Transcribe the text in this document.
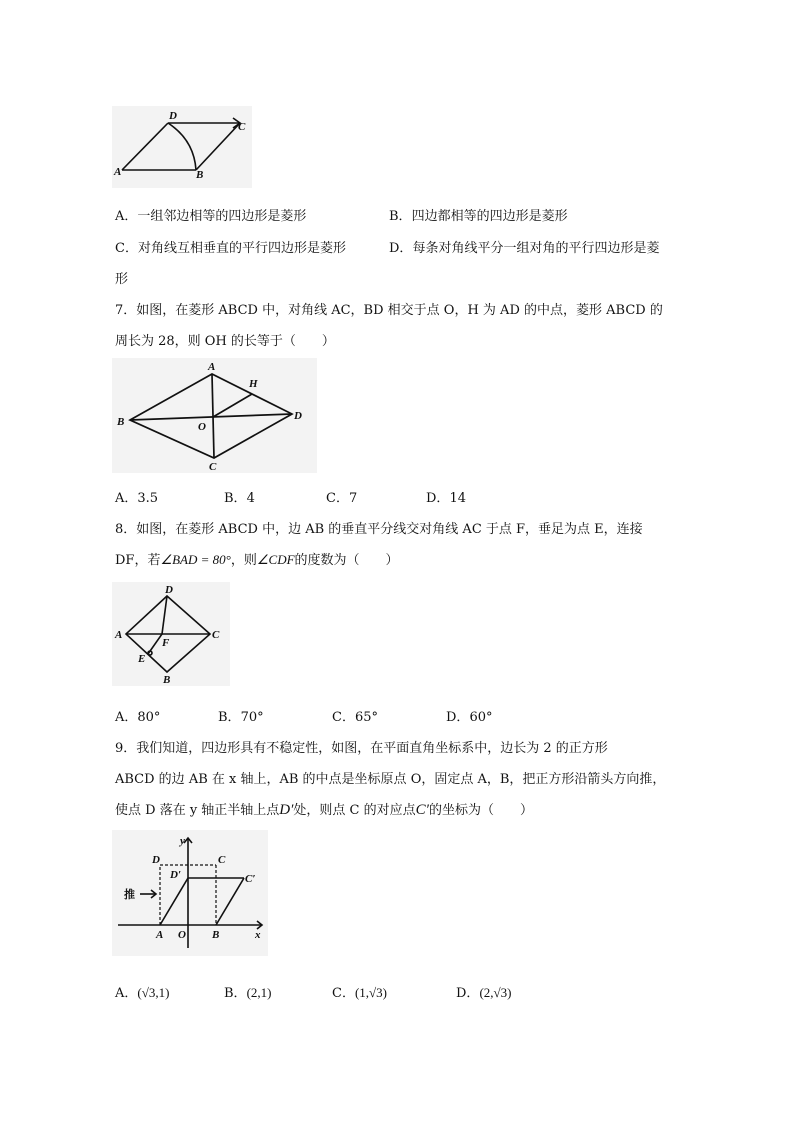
D
C
A	B
A．一组邻边相等的四边形是菱形	B．四边都相等的四边形是菱形
C．对角线互相垂直的平行四边形是菱形	D．每条对角线平分一组对角的平行四边形是菱
形
7．如图，在菱形 ABCD 中，对角线 AC，BD 相交于点 O，H 为 AD 的中点，菱形 ABCD 的
周长为 28，则 OH 的长等于（　　）
A
H
B	O
D
C
A．3.5	B．4	C．7	D．14
8．如图，在菱形 ABCD 中，边 AB 的垂直平分线交对角线 AC 于点 F，垂足为点 E，连接
DF，若∠BAD = 80°，则∠CDF的度数为（　　）
D
A
F
C
E
B
A．80°	B．70°	C．65°	D．60°
9．我们知道，四边形具有不稳定性，如图，在平面直角坐标系中，边长为 2 的正方形
ABCD 的边 AB 在 x 轴上，AB 的中点是坐标原点 O，固定点 A，B，把正方形沿箭头方向推，
使点 D 落在 y 轴正半轴上点D′处，则点 C 的对应点C′的坐标为（　　）
y
D	C
D′	C′
推
A O B	x
A．(√3,1)	B．(2,1)	C．(1,√3)	D．(2,√3)
